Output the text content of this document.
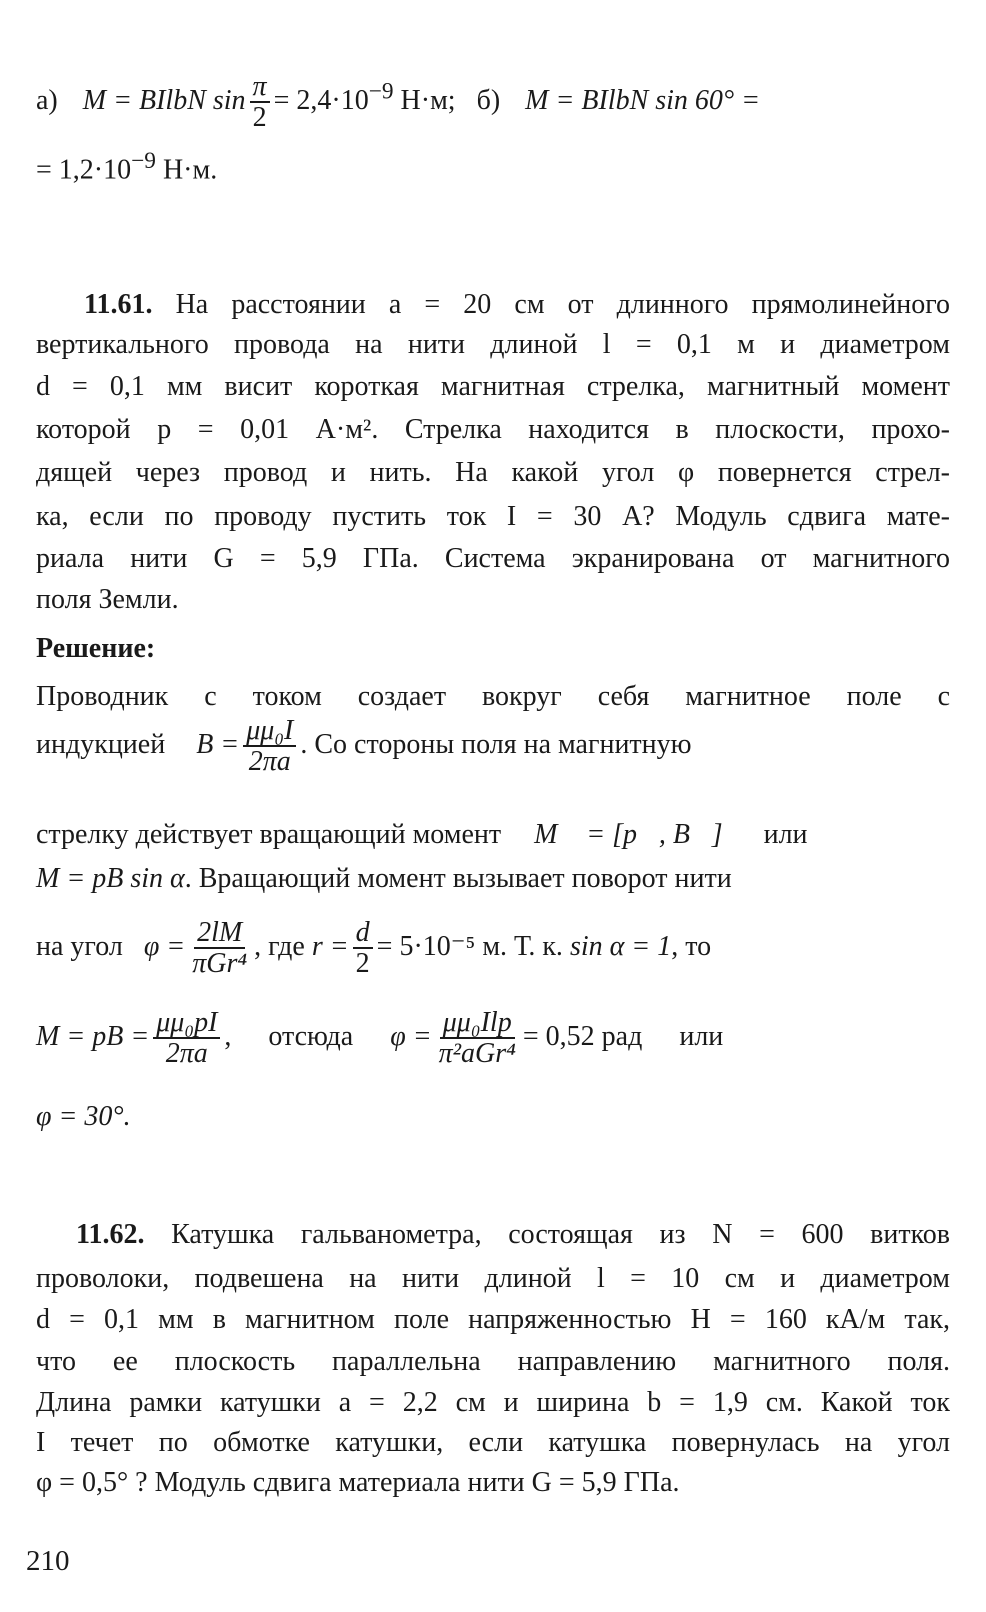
а) M = BIlbN $\sin \frac{\pi}{2} = 2,4\cdot 10^{-9}$ Н·м; б) M = BIlbN sin 60° =
= $1,2\cdot 10^{-9}$ Н·м.
11.61. На расстоянии a = 20 см от длинного прямолинейного
вертикального провода на нити длиной l = 0,1 м и диаметром
d = 0,1 мм висит короткая магнитная стрелка, магнитный момент
которой p = 0,01 А·м². Стрелка находится в плоскости, прохо-
дящей через провод и нить. На какой угол φ повернется стрел-
ка, если по проводу пустить ток I = 30 А? Модуль сдвига мате-
риала нити G = 5,9 ГПа. Система экранирована от магнитного
поля Земли.
Решение:
Проводник с током создает вокруг себя магнитное поле с
индукцией $B = \frac{\text{μμ₀I}}{2\pi a}$ . Со стороны поля на магнитную
стрелку действует вращающий момент M⃗ = [p⃗, B⃗] или
M = pB sin α. Вращающий момент вызывает поворот нити
на угол φ = 2lM
πGr⁴
, где $r = \frac{d}{2} = 5\cdot 10^{-5}$ м. Т. к. sin α = 1, то
M = pB = $\frac{\text{μμ₀pI}}{2\pi a}$ , отсюда φ = μμ₀Ilp
π²aGr⁴
= 0,52 рад или
φ = 30°.
11.62. Катушка гальванометра, состоящая из N = 600 витков
проволоки, подвешена на нити длиной l = 10 см и диаметром
d = 0,1 мм в магнитном поле напряженностью H = 160 кА/м так,
что ее плоскость параллельна направлению магнитного поля.
Длина рамки катушки a = 2,2 см и ширина b = 1,9 см. Какой ток
I течет по обмотке катушки, если катушка повернулась на угол
φ = 0,5° ? Модуль сдвига материала нити G = 5,9 ГПа.
210
